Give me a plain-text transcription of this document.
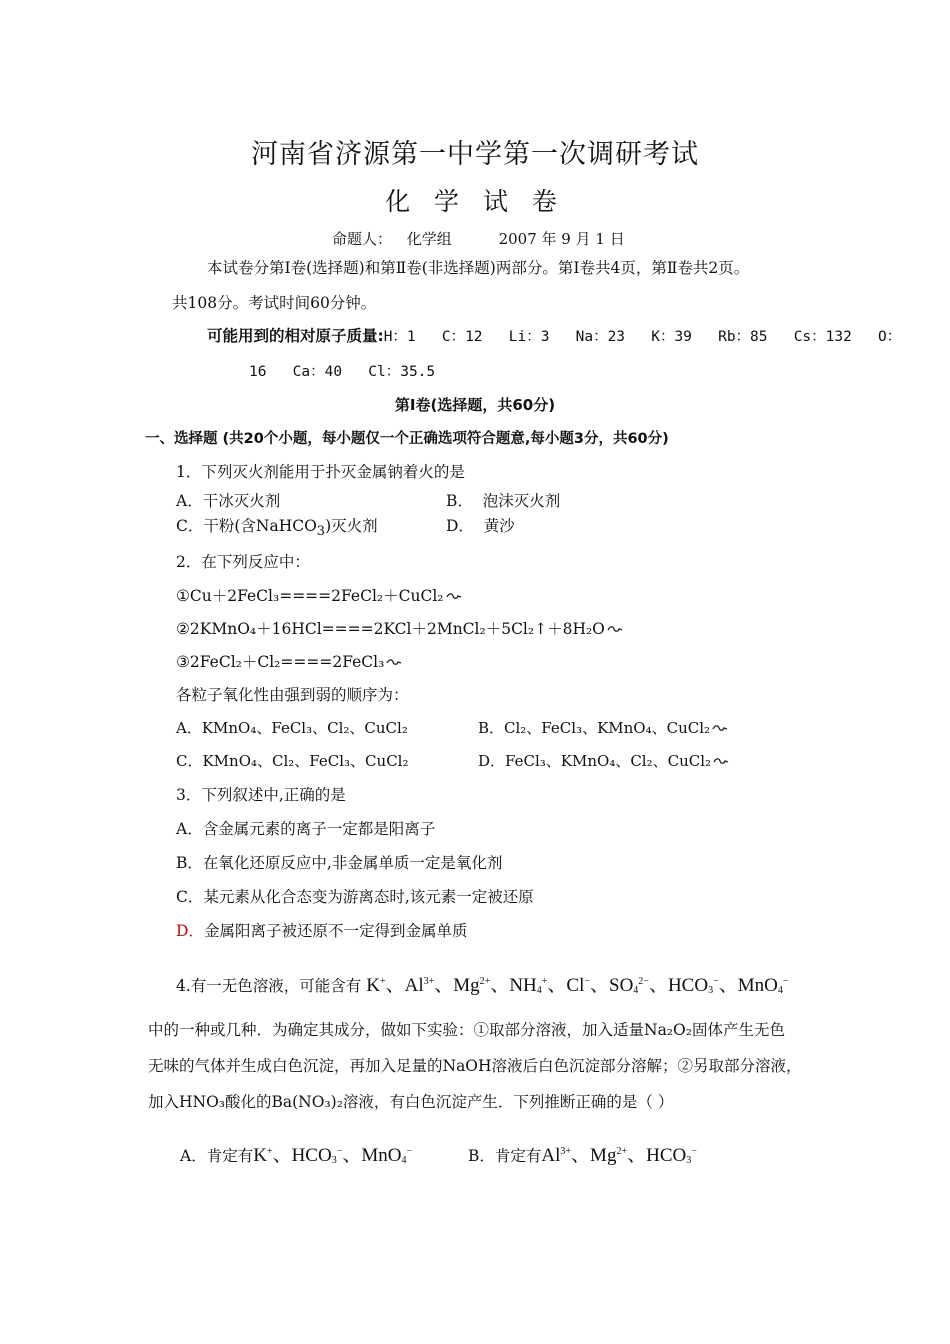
河南省济源第一中学第一次调研考试
化 学 试 卷
命题人： 化学组	2007 年 9 月 1 日
本试卷分第Ⅰ卷(选择题)和第Ⅱ卷(非选择题)两部分。第Ⅰ卷共4页，第Ⅱ卷共2页。
共108分。考试时间60分钟。
可能用到的相对原子质量:H：1   C：12   Li：3   Na：23   K：39   Rb：85   Cs：132   O：
16   Ca：40   Cl：35.5
第Ⅰ卷(选择题，共60分)
一、选择题 (共20个小题，每小题仅一个正确选项符合题意,每小题3分，共60分)
1．下列灭火剂能用于扑灭金属钠着火的是
A．干冰灭火剂	B．  泡沫灭火剂
C．干粉(含NaHCO$_3$)灭火剂	D．  黄沙
2．在下列反应中：
①Cu＋2FeCl₃====2FeCl₂＋CuCl₂
②2KMnO₄＋16HCl====2KCl＋2MnCl₂＋5Cl₂↑＋8H₂O
③2FeCl₂＋Cl₂====2FeCl₃
各粒子氧化性由强到弱的顺序为：
A．KMnO₄、FeCl₃、Cl₂、CuCl₂	B．Cl₂、FeCl₃、KMnO₄、CuCl₂
C．KMnO₄、Cl₂、FeCl₃、CuCl₂	D．FeCl₃、KMnO₄、Cl₂、CuCl₂
3．下列叙述中,正确的是
A．含金属元素的离子一定都是阳离子
B．在氧化还原反应中,非金属单质一定是氧化剂
C．某元素从化合态变为游离态时,该元素一定被还原
D．金属阳离子被还原不一定得到金属单质
4.有一无色溶液，可能含有 K+、$Al^{3+}$、$Mg^{2+}$、$NH_4^+$、Cl−、$SO_4^{2-}$、$HCO_3^-$、MnO$_4$−
中的一种或几种．为确定其成分，做如下实验：①取部分溶液，加入适量Na₂O₂固体产生无色
无味的气体并生成白色沉淀，再加入足量的NaOH溶液后白色沉淀部分溶解；②另取部分溶液，
加入HNO₃酸化的Ba(NO₃)₂溶液，有白色沉淀产生．下列推断正确的是（ ）
A．肯定有K+、$HCO_3^-$、MnO$_4$−	B．肯定有$Al^{3+}$、$Mg^{2+}$、$HCO_3^-$
